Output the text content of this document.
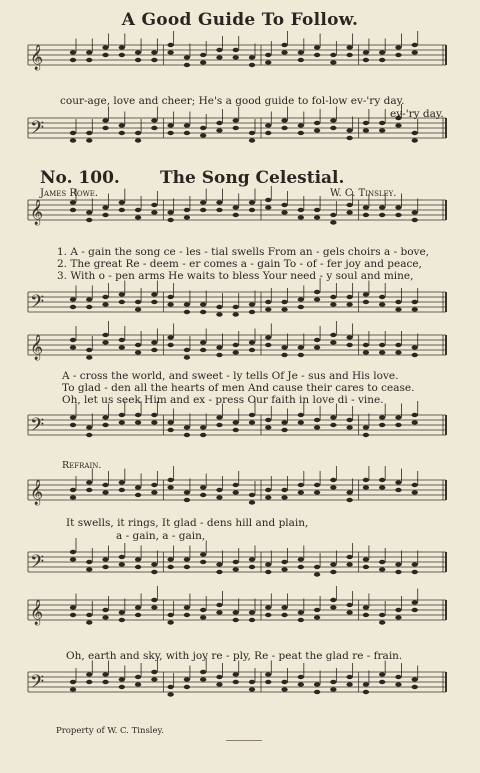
𝄞
𝄢
𝄞
𝄢
𝄞
𝄢
𝄞
𝄢
𝄞
𝄢
A Good Guide To Follow.
cour-age, love and cheer; He's a good guide to fol-low ev-'ry day.
ev-'ry day.
No. 100. The Song Celestial.
James Rowe.	W. C. Tinsley.
1. A - gain the song ce - les - tial swells From an - gels choirs a - bove,
2. The great Re - deem - er comes a - gain To - of - fer joy and peace,
3. With o - pen arms He waits to bless Your need - y soul and mine,
A - cross the world, and sweet - ly tells Of Je - sus and His love.
To glad - den all the hearts of men And cause their cares to cease.
Oh, let us seek Him and ex - press Our faith in love di - vine.
Refrain.
It swells, it rings, It glad - dens hill and plain,
a - gain, a - gain,
Oh, earth and sky, with joy re - ply, Re - peat the glad re - frain.
Property of W. C. Tinsley.
